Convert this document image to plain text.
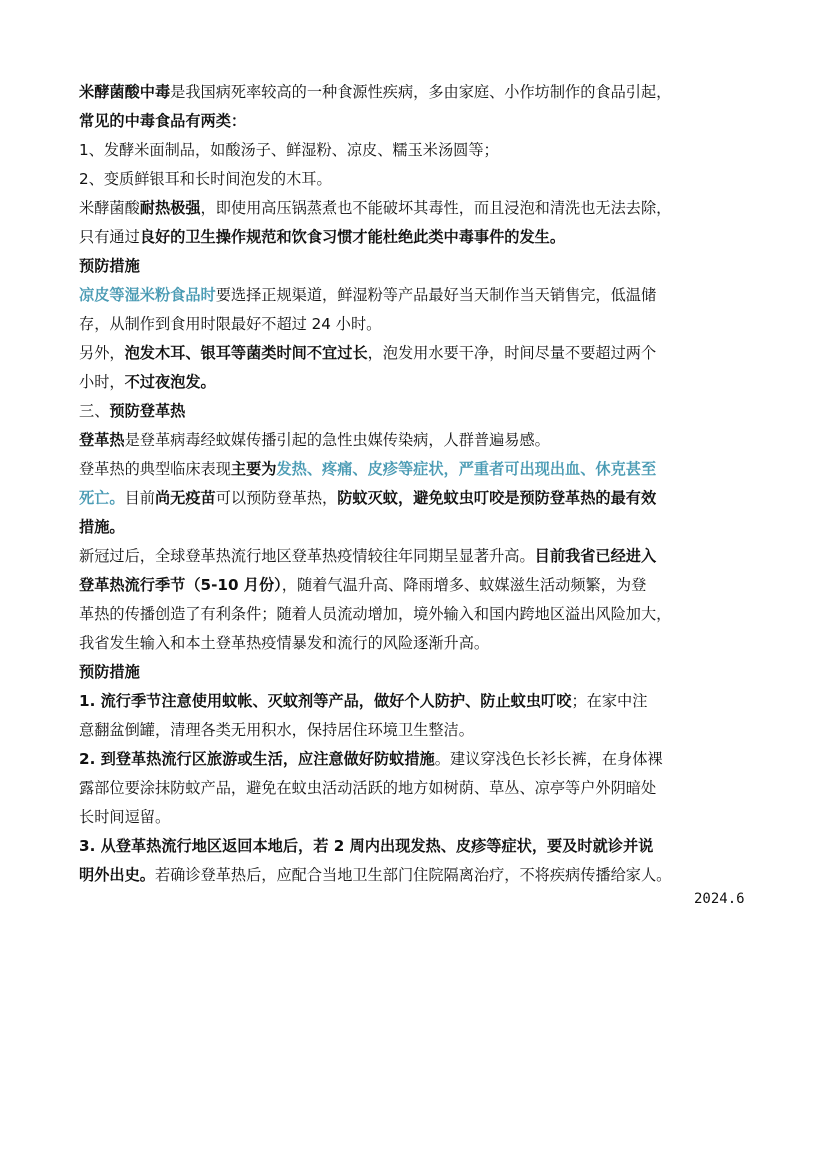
米酵菌酸中毒是我国病死率较高的一种食源性疾病，多由家庭、小作坊制作的食品引起，
常见的中毒食品有两类：
1、发酵米面制品，如酸汤子、鲜湿粉、凉皮、糯玉米汤圆等；
2、变质鲜银耳和长时间泡发的木耳。
米酵菌酸耐热极强，即使用高压锅蒸煮也不能破坏其毒性，而且浸泡和清洗也无法去除，
只有通过良好的卫生操作规范和饮食习惯才能杜绝此类中毒事件的发生。
预防措施
凉皮等湿米粉食品时要选择正规渠道，鲜湿粉等产品最好当天制作当天销售完，低温储
存，从制作到食用时限最好不超过 24 小时。
另外，泡发木耳、银耳等菌类时间不宜过长，泡发用水要干净，时间尽量不要超过两个
小时，不过夜泡发。
三、预防登革热
登革热是登革病毒经蚊媒传播引起的急性虫媒传染病，人群普遍易感。
登革热的典型临床表现主要为发热、疼痛、皮疹等症状，严重者可出现出血、休克甚至
死亡。目前尚无疫苗可以预防登革热，防蚊灭蚊，避免蚊虫叮咬是预防登革热的最有效
措施。
新冠过后，全球登革热流行地区登革热疫情较往年同期呈显著升高。目前我省已经进入
登革热流行季节（5-10 月份），随着气温升高、降雨增多、蚊媒滋生活动频繁，为登
革热的传播创造了有利条件；随着人员流动增加，境外输入和国内跨地区溢出风险加大，
我省发生输入和本土登革热疫情暴发和流行的风险逐渐升高。
预防措施
1. 流行季节注意使用蚊帐、灭蚊剂等产品，做好个人防护、防止蚊虫叮咬；在家中注
意翻盆倒罐，清理各类无用积水，保持居住环境卫生整洁。
2. 到登革热流行区旅游或生活，应注意做好防蚊措施。建议穿浅色长衫长裤，在身体裸
露部位要涂抹防蚊产品，避免在蚊虫活动活跃的地方如树荫、草丛、凉亭等户外阴暗处
长时间逗留。
3. 从登革热流行地区返回本地后，若 2 周内出现发热、皮疹等症状，要及时就诊并说
明外出史。若确诊登革热后，应配合当地卫生部门住院隔离治疗，不将疾病传播给家人。
2024.6
